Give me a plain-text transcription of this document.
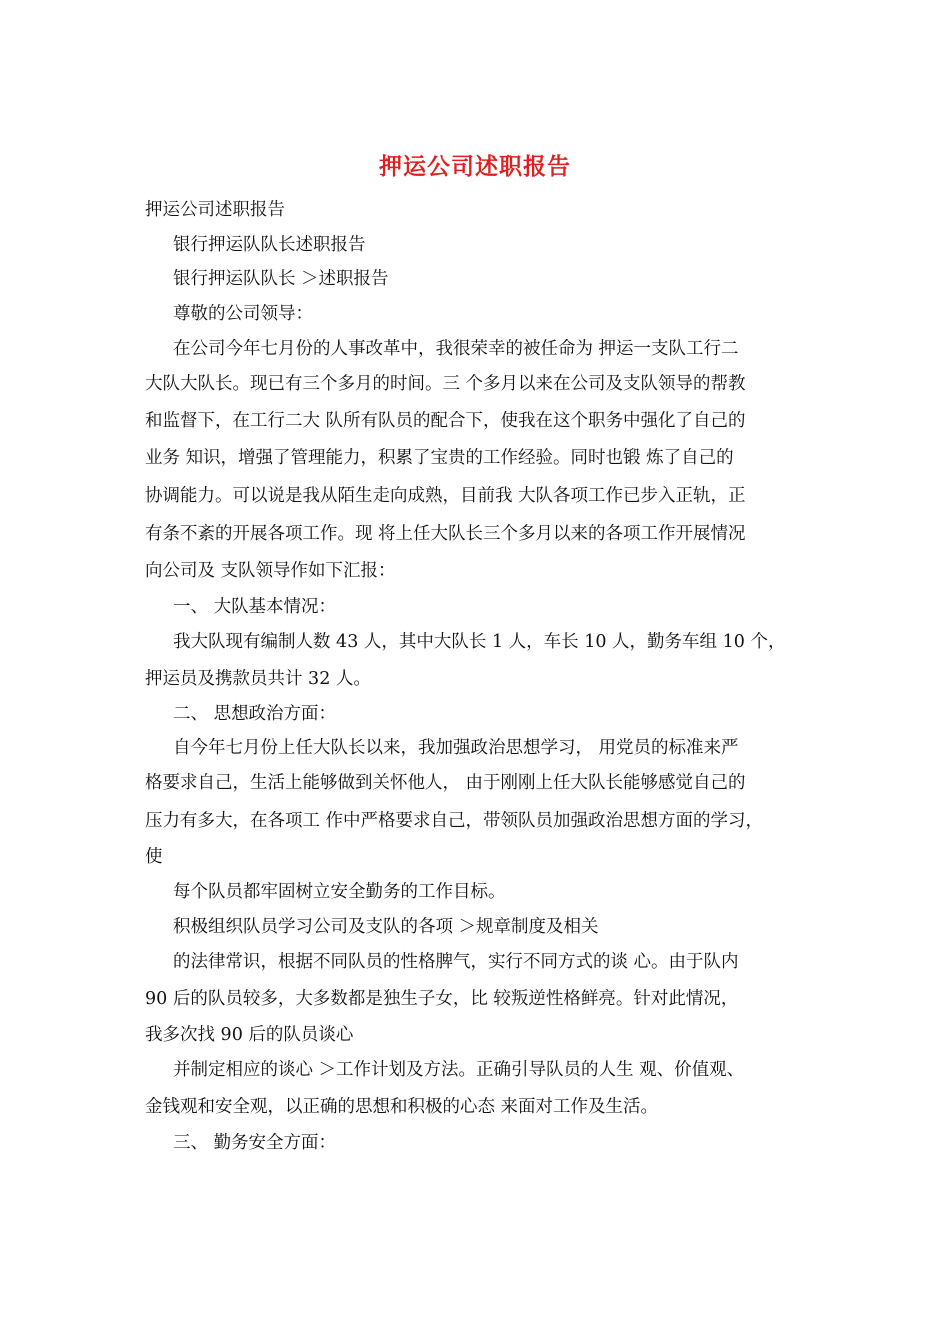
押运公司述职报告
押运公司述职报告
银行押运队队长述职报告
银行押运队队长 ＞述职报告
尊敬的公司领导：
在公司今年七月份的人事改革中，我很荣幸的被任命为 押运一支队工行二
大队大队长。现已有三个多月的时间。三 个多月以来在公司及支队领导的帮教
和监督下，在工行二大 队所有队员的配合下，使我在这个职务中强化了自己的
业务 知识，增强了管理能力，积累了宝贵的工作经验。同时也锻 炼了自己的
协调能力。可以说是我从陌生走向成熟，目前我 大队各项工作已步入正轨，正
有条不紊的开展各项工作。现 将上任大队长三个多月以来的各项工作开展情况
向公司及 支队领导作如下汇报：
一、 大队基本情况：
我大队现有编制人数 43 人，其中大队长 1 人，车长 10 人，勤务车组 10 个，
押运员及携款员共计 32 人。
二、 思想政治方面：
自今年七月份上任大队长以来，我加强政治思想学习， 用党员的标准来严
格要求自己，生活上能够做到关怀他人， 由于刚刚上任大队长能够感觉自己的
压力有多大，在各项工 作中严格要求自己，带领队员加强政治思想方面的学习，
使
每个队员都牢固树立安全勤务的工作目标。
积极组织队员学习公司及支队的各项 ＞规章制度及相关
的法律常识，根据不同队员的性格脾气，实行不同方式的谈 心。由于队内
90 后的队员较多，大多数都是独生子女，比 较叛逆性格鲜亮。针对此情况，
我多次找 90 后的队员谈心
并制定相应的谈心 ＞工作计划及方法。正确引导队员的人生 观、价值观、
金钱观和安全观，以正确的思想和积极的心态 来面对工作及生活。
三、 勤务安全方面：
